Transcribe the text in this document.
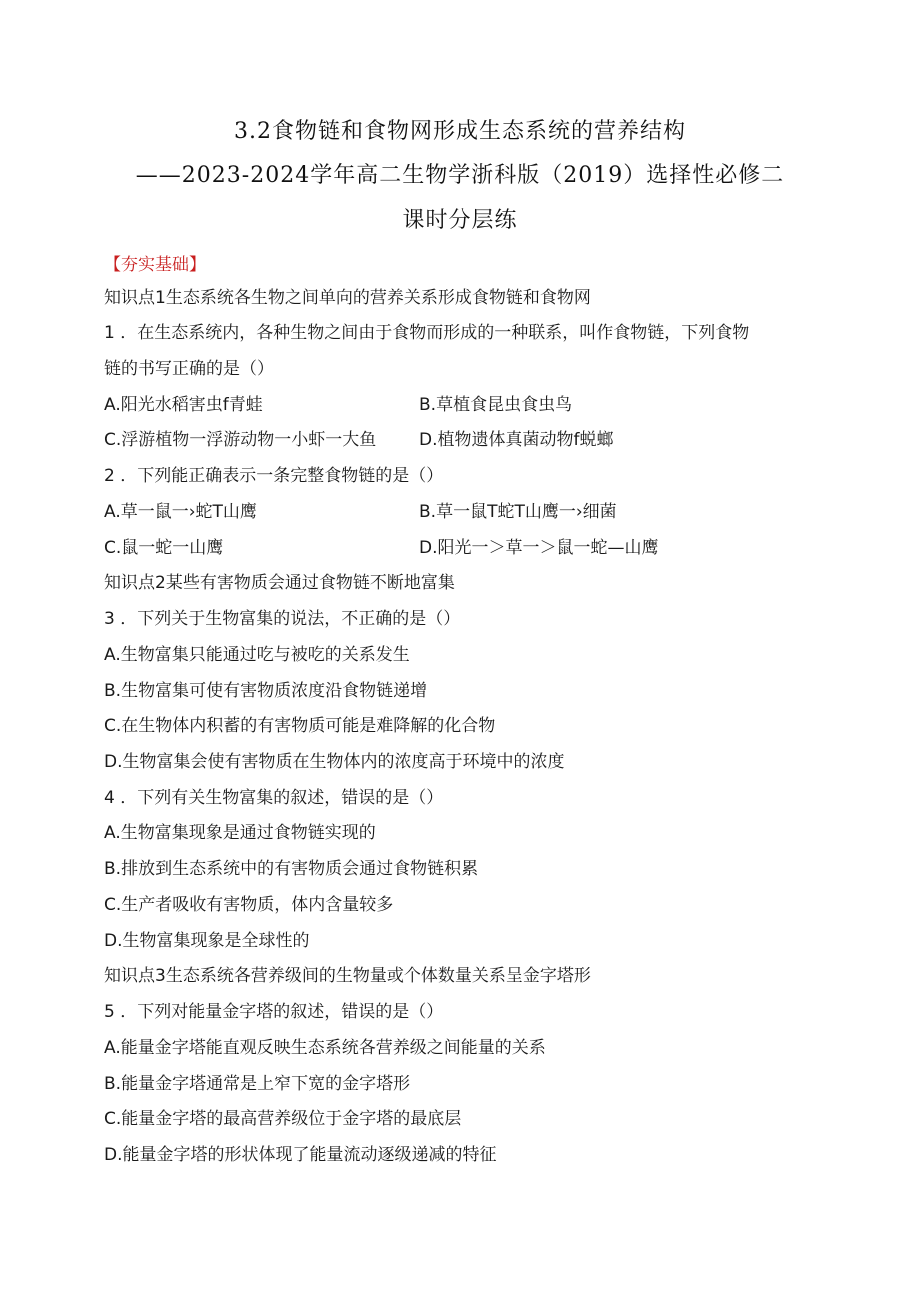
3.2食物链和食物网形成生态系统的营养结构
——2023-2024学年高二生物学浙科版（2019）选择性必修二
课时分层练
【夯实基础】
知识点1生态系统各生物之间单向的营养关系形成食物链和食物网
1 ．在生态系统内，各种生物之间由于食物而形成的一种联系，叫作食物链，下列食物
链的书写正确的是（）
A.阳光水稻害虫f青蛙	B.草植食昆虫食虫鸟
C.浮游植物一浮游动物一小虾一大鱼	D.植物遗体真菌动物f蜕螂
2 ．下列能正确表示一条完整食物链的是（）
A.草一鼠一›蛇T山鹰	B.草一鼠T蛇T山鹰一›细菌
C.鼠一蛇一山鹰	D.阳光一＞草一＞鼠一蛇—山鹰
知识点2某些有害物质会通过食物链不断地富集
3 ．下列关于生物富集的说法，不正确的是（）
A.生物富集只能通过吃与被吃的关系发生
B.生物富集可使有害物质浓度沿食物链递增
C.在生物体内积蓄的有害物质可能是难降解的化合物
D.生物富集会使有害物质在生物体内的浓度高于环境中的浓度
4 ．下列有关生物富集的叙述，错误的是（）
A.生物富集现象是通过食物链实现的
B.排放到生态系统中的有害物质会通过食物链积累
C.生产者吸收有害物质，体内含量较多
D.生物富集现象是全球性的
知识点3生态系统各营养级间的生物量或个体数量关系呈金字塔形
5 ．下列对能量金字塔的叙述，错误的是（）
A.能量金字塔能直观反映生态系统各营养级之间能量的关系
B.能量金字塔通常是上窄下宽的金字塔形
C.能量金字塔的最高营养级位于金字塔的最底层
D.能量金字塔的形状体现了能量流动逐级递减的特征
